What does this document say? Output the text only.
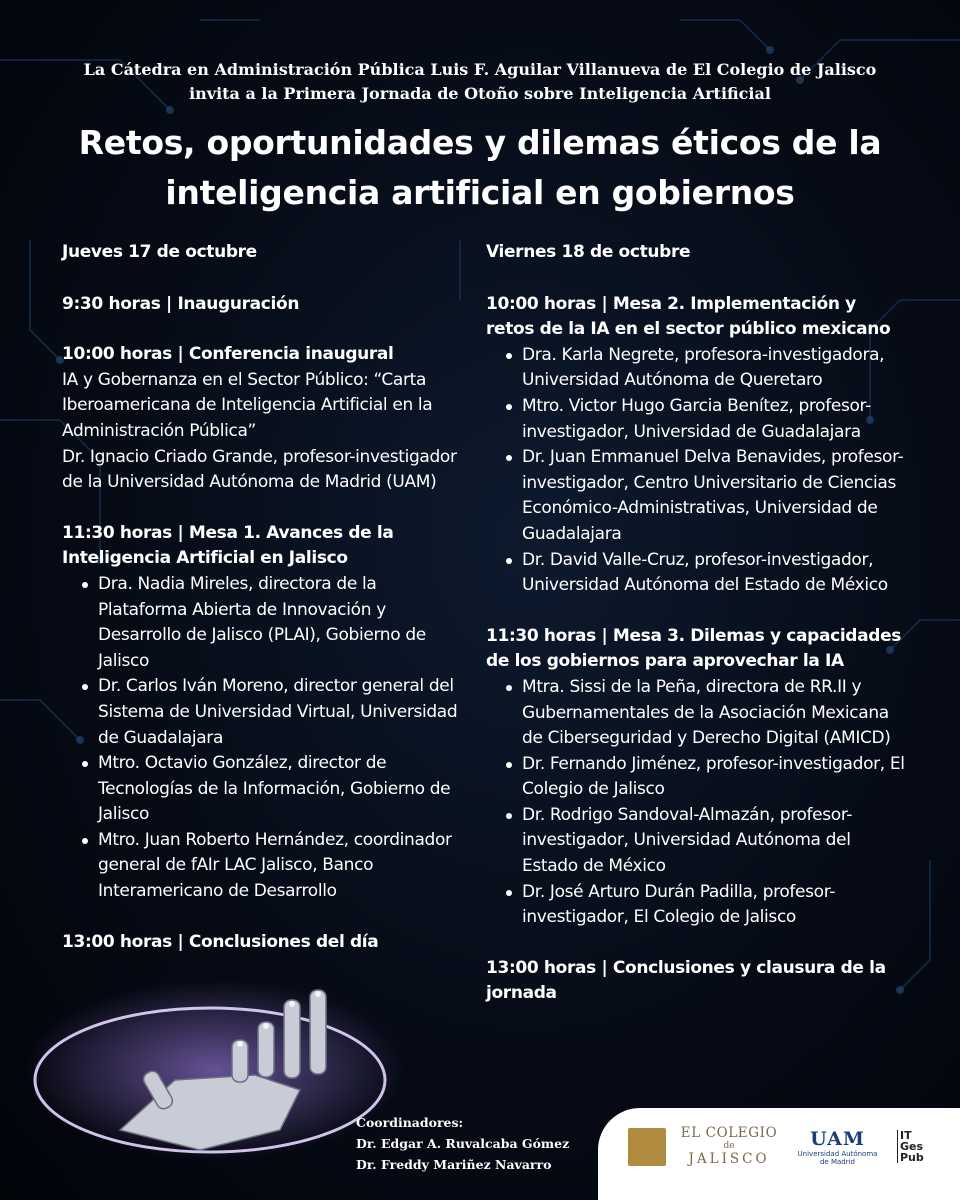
La Cátedra en Administración Pública Luis F. Aguilar Villanueva de El Colegio de Jalisco invita a la Primera Jornada de Otoño sobre Inteligencia Artificial
Retos, oportunidades y dilemas éticos de la inteligencia artificial en gobiernos
Jueves 17 de octubre
9:30 horas | Inauguración
10:00 horas | Conferencia inaugural
IA y Gobernanza en el Sector Público: “Carta Iberoamericana de Inteligencia Artificial en la Administración Pública”
Dr. Ignacio Criado Grande, profesor-investigador de la Universidad Autónoma de Madrid (UAM)
11:30 horas | Mesa 1. Avances de la Inteligencia Artificial en Jalisco
Dra. Nadia Mireles, directora de la Plataforma Abierta de Innovación y Desarrollo de Jalisco (PLAI), Gobierno de Jalisco
Dr. Carlos Iván Moreno, director general del Sistema de Universidad Virtual, Universidad de Guadalajara
Mtro. Octavio González, director de Tecnologías de la Información, Gobierno de Jalisco
Mtro. Juan Roberto Hernández, coordinador general de fAIr LAC Jalisco, Banco Interamericano de Desarrollo
13:00 horas | Conclusiones del día
Viernes 18 de octubre
10:00 horas | Mesa 2. Implementación y retos de la IA en el sector público mexicano
Dra. Karla Negrete, profesora-investigadora, Universidad Autónoma de Queretaro
Mtro. Victor Hugo Garcia Benítez, profesor-investigador, Universidad de Guadalajara
Dr. Juan Emmanuel Delva Benavides, profesor-investigador, Centro Universitario de Ciencias Económico-Administrativas, Universidad de Guadalajara
Dr. David Valle-Cruz, profesor-investigador, Universidad Autónoma del Estado de México
11:30 horas | Mesa 3. Dilemas y capacidades de los gobiernos para aprovechar la IA
Mtra. Sissi de la Peña, directora de RR.II y Gubernamentales de la Asociación Mexicana de Ciberseguridad y Derecho Digital (AMICD)
Dr. Fernando Jiménez, profesor-investigador, El Colegio de Jalisco
Dr. Rodrigo Sandoval-Almazán, profesor-investigador, Universidad Autónoma del Estado de México
Dr. José Arturo Durán Padilla, profesor-investigador, El Colegio de Jalisco
13:00 horas | Conclusiones y clausura de la jornada
Coordinadores:
Dr. Edgar A. Ruvalcaba Gómez
Dr. Freddy Mariñez Navarro
EL COLEGIO
de
JALISCO
UAM
Universidad Autónoma de Madrid
IT
Ges
Pub
